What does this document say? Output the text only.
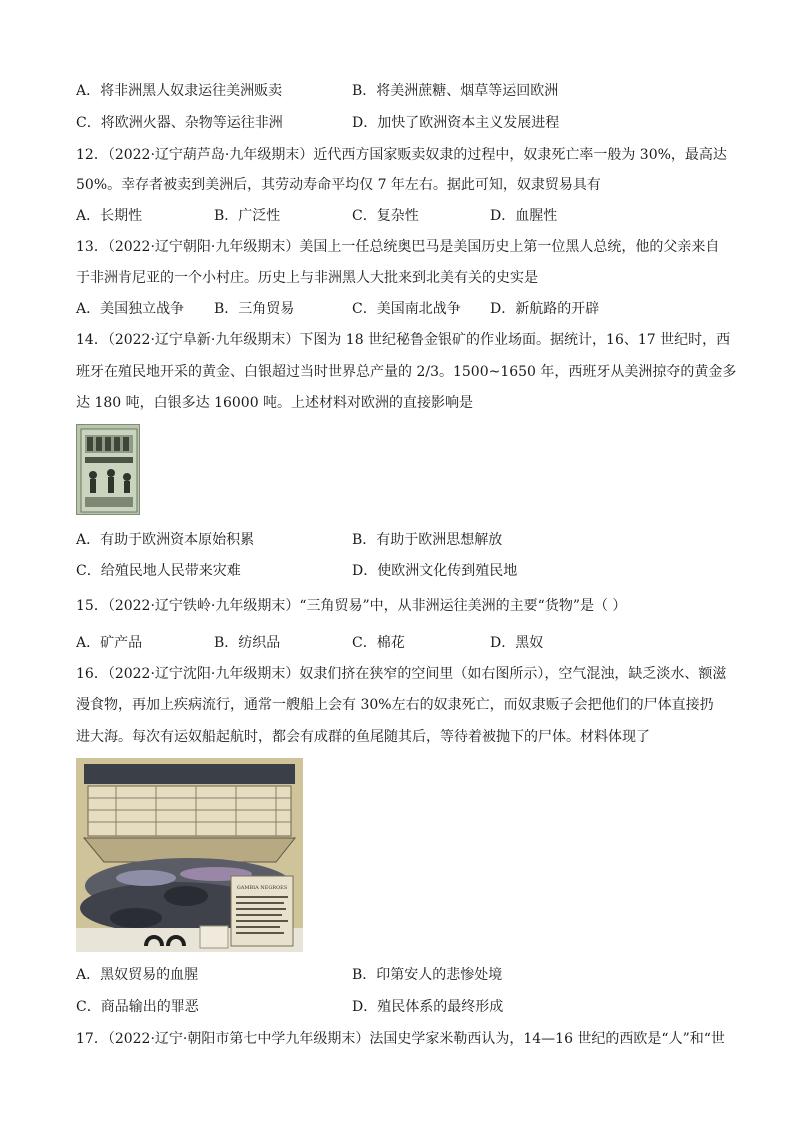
A．将非洲黑人奴隶运往美洲贩卖	B．将美洲蔗糖、烟草等运回欧洲
C．将欧洲火器、杂物等运往非洲	D．加快了欧洲资本主义发展进程
12．（2022·辽宁葫芦岛·九年级期末）近代西方国家贩卖奴隶的过程中，奴隶死亡率一般为 30%，最高达
50%。幸存者被卖到美洲后，其劳动寿命平均仅 7 年左右。据此可知，奴隶贸易具有
A．长期性	B．广泛性	C．复杂性	D．血腥性
13．（2022·辽宁朝阳·九年级期末）美国上一任总统奥巴马是美国历史上第一位黑人总统，他的父亲来自
于非洲肯尼亚的一个小村庄。历史上与非洲黑人大批来到北美有关的史实是
A．美国独立战争 B．三角贸易	C．美国南北战争 D．新航路的开辟
14．（2022·辽宁阜新·九年级期末）下图为 18 世纪秘鲁金银矿的作业场面。据统计，16、17 世纪时，西
班牙在殖民地开采的黄金、白银超过当时世界总产量的 2/3。1500~1650 年，西班牙从美洲掠夺的黄金多
达 180 吨，白银多达 16000 吨。上述材料对欧洲的直接影响是
A．有助于欧洲资本原始积累	B．有助于欧洲思想解放
C．给殖民地人民带来灾难	D．使欧洲文化传到殖民地
15．（2022·辽宁铁岭·九年级期末）“三角贸易”中，从非洲运往美洲的主要“货物”是（ ）
A．矿产品	B．纺织品	C．棉花	D．黑奴
16．（2022·辽宁沈阳·九年级期末）奴隶们挤在狭窄的空间里（如右图所示），空气混浊，缺乏淡水、额滋
漫食物，再加上疾病流行，通常一艘船上会有 30%左右的奴隶死亡，而奴隶贩子会把他们的尸体直接扔
进大海。每次有运奴船起航时，都会有成群的鱼尾随其后，等待着被抛下的尸体。材料体现了
GAMBIA NEGROES
A．黑奴贸易的血腥	B．印第安人的悲惨处境
C．商品输出的罪恶	D．殖民体系的最终形成
17．（2022·辽宁·朝阳市第七中学九年级期末）法国史学家米勒西认为，14—16 世纪的西欧是“人”和“世
